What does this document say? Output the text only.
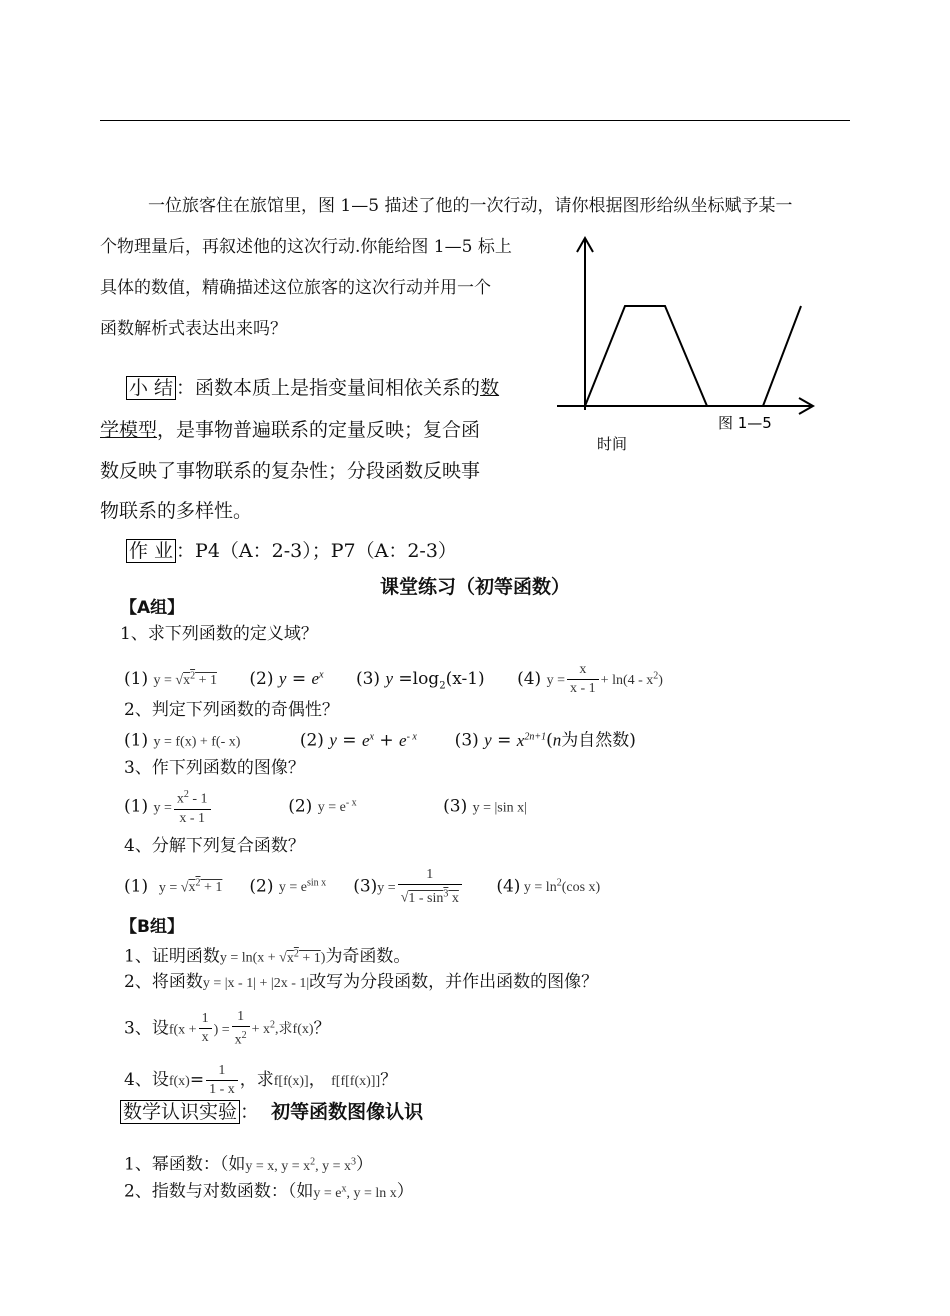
一位旅客住在旅馆里，图 1—5 描述了他的一次行动，请你根据图形给纵坐标赋予某一
个物理量后，再叙述他的这次行动.你能给图 1—5 标上
具体的数值，精确描述这位旅客的这次行动并用一个
函数解析式表达出来吗？
图 1—5
时间
小 结 ：函数本质上是指变量间相依关系的数
学模型，是事物普遍联系的定量反映；复合函
数反映了事物联系的复杂性；分段函数反映事
物联系的多样性。
作 业 ：P4（A：2-3）；P7（A：2-3）
课堂练习（初等函数）
【A组】
1、求下列函数的定义域？
(1) $y = √x^2 + 1$      (2) $y = e^x$      (3) $y =\log_2(x-1)$      (4) $y = \frac{x}{x - 1} + \ln(4 - x^2)$
2、判定下列函数的奇偶性？
(1) y = f(x) + f(- x)           (2) $y = e^x + e^{- x}$       (3) $y = x^{2n+1}(n$为自然数)
3、作下列函数的图像？
(1) $y = \frac{x^2 - 1}{x - 1} (2) y = e^{- x}$                (3) y = |sin x|
4、分解下列复合函数？
(1)  $y = √x^2 + 1$     (2) $y = e^{sin x}$     $(3)y = \frac{1}{√1 - \sin^3 x} (4) y = \ln^2(\cos$ x)
【B组】
1、证明函数$y = \ln(x + √x^2 + 1)$为奇函数。
2、将函数y = |x - 1| + |2x - 1|改写为分段函数，并作出函数的图像？
3、设$f(x + \frac{1}{x}$ ) = $\frac{1}{x^2} + x^2$,求f(x)？
4、设$f(x)= \frac{1}{1 - x}$ ，求f[f(x)]， f[f[f(x)]]？
数学认识实验 ： 初等函数图像认识
1、幂函数：（如y = x, $y = x^2$, $y = x^3$）
2、指数与对数函数：（如$y = e^x$, y = ln x）
